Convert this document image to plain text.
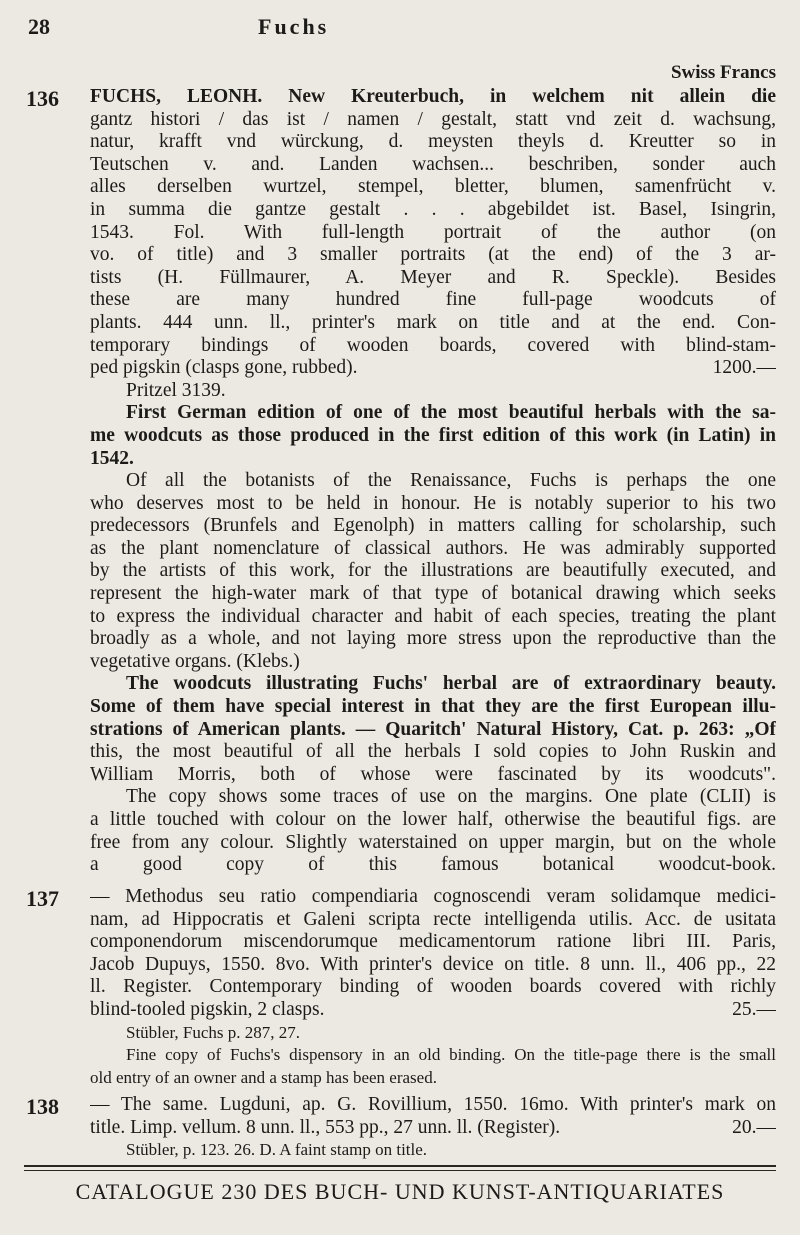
28	Fuchs
Swiss Francs
136 FUCHS, LEONH. New Kreuterbuch, in welchem nit allein die
gantz histori / das ist / namen / gestalt, statt vnd zeit d. wachsung,
natur, krafft vnd würckung, d. meysten theyls d. Kreutter so in
Teutschen v. and. Landen wachsen... beschriben, sonder auch
alles derselben wurtzel, stempel, bletter, blumen, samenfrücht v.
in summa die gantze gestalt . . . abgebildet ist. Basel, Isingrin,
1543. Fol. With full-length portrait of the author (on
vo. of title) and 3 smaller portraits (at the end) of the 3 ar-
tists (H. Füllmaurer, A. Meyer and R. Speckle). Besides
these are many hundred fine full-page woodcuts of
plants. 444 unn. ll., printer's mark on title and at the end. Con-
temporary bindings of wooden boards, covered with blind-stam-
ped pigskin (clasps gone, rubbed).	1200.—
Pritzel 3139.
First German edition of one of the most beautiful herbals with the sa-
me woodcuts as those produced in the first edition of this work (in Latin) in
1542.
Of all the botanists of the Renaissance, Fuchs is perhaps the one
who deserves most to be held in honour. He is notably superior to his two
predecessors (Brunfels and Egenolph) in matters calling for scholarship, such
as the plant nomenclature of classical authors. He was admirably supported
by the artists of this work, for the illustrations are beautifully executed, and
represent the high-water mark of that type of botanical drawing which seeks
to express the individual character and habit of each species, treating the plant
broadly as a whole, and not laying more stress upon the reproductive than the
vegetative organs. (Klebs.)
The woodcuts illustrating Fuchs' herbal are of extraordinary beauty.
Some of them have special interest in that they are the first European illu-
strations of American plants. — Quaritch' Natural History, Cat. p. 263: „Of
this, the most beautiful of all the herbals I sold copies to John Ruskin and
William Morris, both of whose were fascinated by its woodcuts".
The copy shows some traces of use on the margins. One plate (CLII) is
a little touched with colour on the lower half, otherwise the beautiful figs. are
free from any colour. Slightly waterstained on upper margin, but on the whole
a good copy of this famous botanical woodcut-book.
137 — Methodus seu ratio compendiaria cognoscendi veram solidamque medici-
nam, ad Hippocratis et Galeni scripta recte intelligenda utilis. Acc. de usitata
componendorum miscendorumque medicamentorum ratione libri III. Paris,
Jacob Dupuys, 1550. 8vo. With printer's device on title. 8 unn. ll., 406 pp., 22
ll. Register. Contemporary binding of wooden boards covered with richly
blind-tooled pigskin, 2 clasps.	25.—
Stübler, Fuchs p. 287, 27.
Fine copy of Fuchs's dispensory in an old binding. On the title-page there is the small
old entry of an owner and a stamp has been erased.
138 — The same. Lugduni, ap. G. Rovillium, 1550. 16mo. With printer's mark on
title. Limp. vellum. 8 unn. ll., 553 pp., 27 unn. ll. (Register).	20.—
Stübler, p. 123. 26. D. A faint stamp on title.
CATALOGUE 230 DES BUCH- UND KUNST-ANTIQUARIATES
